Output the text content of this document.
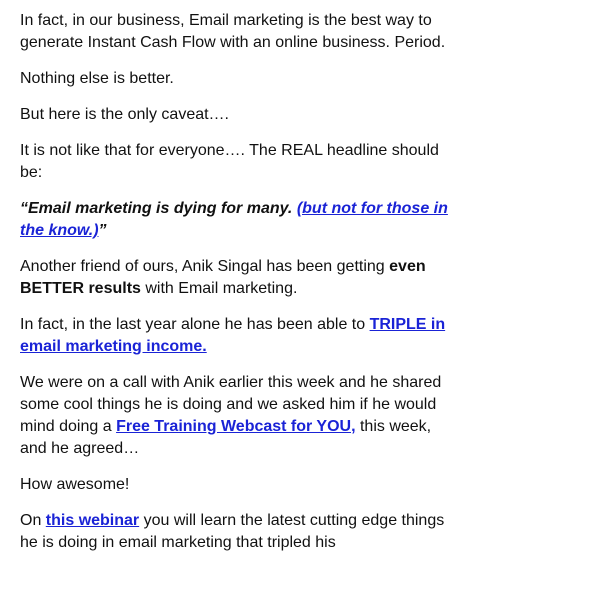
In fact, in our business, Email marketing is the best way to generate Instant Cash Flow with an online business. Period.

Nothing else is better.

But here is the only caveat….

It is not like that for everyone…. The REAL headline should be:

“Email marketing is dying for many. (but not for those in the know.)”

Another friend of ours, Anik Singal has been getting even BETTER results with Email marketing.

In fact, in the last year alone he has been able to TRIPLE in email marketing income.

We were on a call with Anik earlier this week and he shared some cool things he is doing and we asked him if he would mind doing a Free Training Webcast for YOU, this week, and he agreed…

How awesome!

On this webinar you will learn the latest cutting edge things he is doing in email marketing that tripled his
